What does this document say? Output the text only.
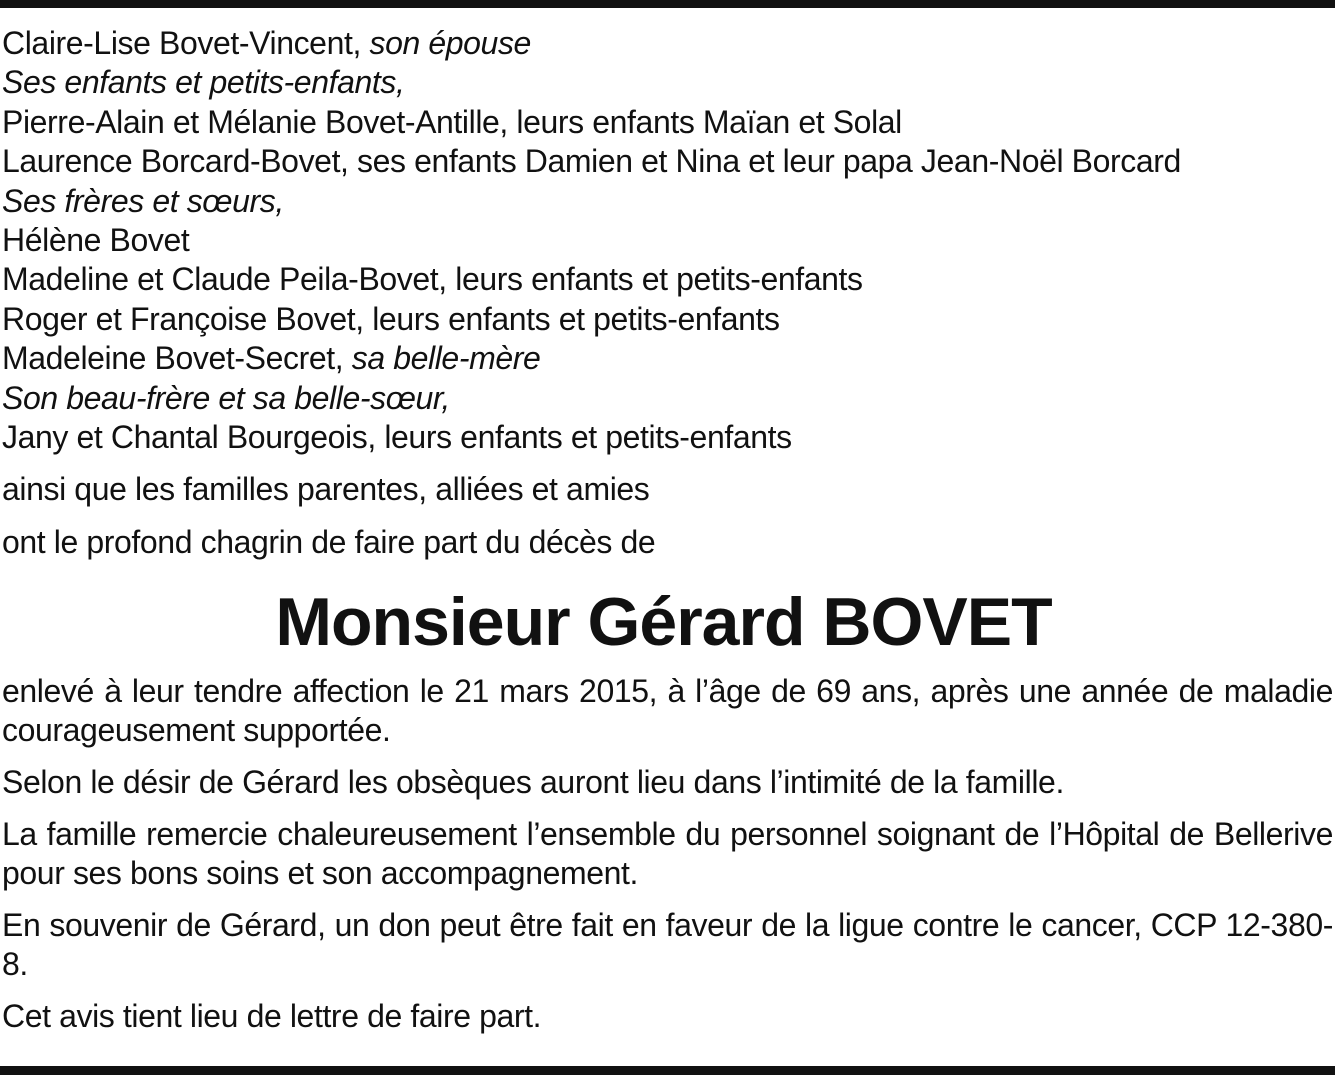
Claire-Lise Bovet-Vincent, son épouse
Ses enfants et petits-enfants,
Pierre-Alain et Mélanie Bovet-Antille, leurs enfants Maïan et Solal
Laurence Borcard-Bovet, ses enfants Damien et Nina et leur papa Jean-Noël Borcard
Ses frères et sœurs,
Hélène Bovet
Madeline et Claude Peila-Bovet, leurs enfants et petits-enfants
Roger et Françoise Bovet, leurs enfants et petits-enfants
Madeleine Bovet-Secret, sa belle-mère
Son beau-frère et sa belle-sœur,
Jany et Chantal Bourgeois, leurs enfants et petits-enfants
ainsi que les familles parentes, alliées et amies
ont le profond chagrin de faire part du décès de
Monsieur Gérard BOVET

enlevé à leur tendre affection le 21 mars 2015, à l’âge de 69 ans, après une année de maladie courageusement supportée.

Selon le désir de Gérard les obsèques auront lieu dans l’intimité de la famille.

La famille remercie chaleureusement l’ensemble du personnel soignant de l’Hôpital de Bellerive pour ses bons soins et son accompagnement.

En souvenir de Gérard, un don peut être fait en faveur de la ligue contre le cancer, CCP 12-380-8.

Cet avis tient lieu de lettre de faire part.
